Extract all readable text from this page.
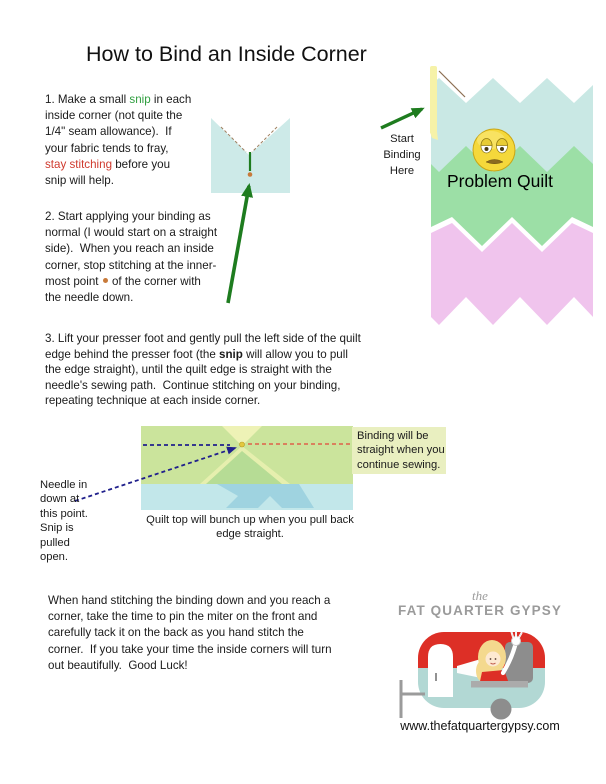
How to Bind an Inside Corner
1. Make a small snip in each
inside corner (not quite the
1/4" seam allowance).  If
your fabric tends to fray,
stay stitching before you
snip will help.
2. Start applying your binding as
normal (I would start on a straight
side).  When you reach an inside
corner, stop stitching at the inner-
most point  of the corner with
the needle down.
3. Lift your presser foot and gently pull the left side of the quilt
edge behind the presser foot (the snip will allow you to pull
the edge straight), until the quilt edge is straight with the
needle's sewing path.  Continue stitching on your binding,
repeating technique at each inside corner.
When hand stitching the binding down and you reach a
corner, take the time to pin the miter on the front and
carefully tack it on the back as you hand stitch the
corner.  If you take your time the inside corners will turn
out beautifully.  Good Luck!
Start
Binding
Here	Problem Quilt
Binding will be
straight when you
continue sewing.
Needle in
down at
this point.
Snip is
pulled
open.
Quilt top will bunch up when you pull back
edge straight.
the
FAT QUARTER GYPSY
www.thefatquartergypsy.com
